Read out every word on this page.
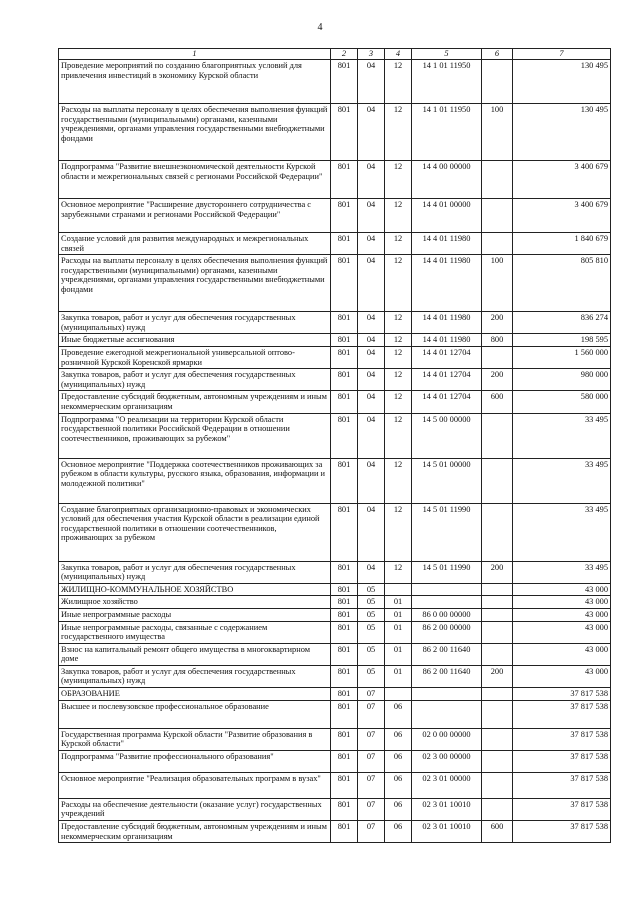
4
1	2	3	4	5	6	7
Проведение мероприятий по созданию благоприятных условий для привлечения инвестиций в экономику Курской области	801	04	12	14 1 01 11950		130 495
Расходы на выплаты персоналу в целях обеспечения выполнения функций государственными (муниципальными) органами, казенными учреждениями, органами управления государственными внебюджетными фондами	801	04	12	14 1 01 11950	100	130 495
Подпрограмма "Развитие внешнеэкономической деятельности Курской области и межрегиональных связей с регионами Российской Федерации"	801	04	12	14 4 00 00000		3 400 679
Основное мероприятие "Расширение двустороннего сотрудничества с зарубежными странами и регионами Российской Федерации"	801	04	12	14 4 01 00000		3 400 679
Создание условий для развития международных и межрегиональных связей	801	04	12	14 4 01 11980		1 840 679
Расходы на выплаты персоналу в целях обеспечения выполнения функций государственными (муниципальными) органами, казенными учреждениями, органами управления государственными внебюджетными фондами	801	04	12	14 4 01 11980	100	805 810
Закупка товаров, работ и услуг для обеспечения государственных (муниципальных) нужд	801	04	12	14 4 01 11980	200	836 274
Иные бюджетные ассигнования	801	04	12	14 4 01 11980	800	198 595
Проведение ежегодной межрегиональной универсальной оптово-розничной Курской Коренской ярмарки	801	04	12	14 4 01 12704		1 560 000
Закупка товаров, работ и услуг для обеспечения государственных (муниципальных) нужд	801	04	12	14 4 01 12704	200	980 000
Предоставление субсидий бюджетным, автономным учреждениям и иным некоммерческим организациям	801	04	12	14 4 01 12704	600	580 000
Подпрограмма "О реализации на территории Курской области государственной политики Российской Федерации в отношении соотечественников, проживающих за рубежом"	801	04	12	14 5 00 00000		33 495
Основное мероприятие "Поддержка соотечественников проживающих за рубежом в области культуры, русского языка, образования, информации и молодежной политики"	801	04	12	14 5 01 00000		33 495
Создание благоприятных организационно-правовых и экономических условий для обеспечения участия Курской области в реализации единой государственной политики в отношении соотечественников, проживающих за рубежом	801	04	12	14 5 01 11990		33 495
Закупка товаров, работ и услуг для обеспечения государственных (муниципальных) нужд	801	04	12	14 5 01 11990	200	33 495
ЖИЛИЩНО-КОММУНАЛЬНОЕ ХОЗЯЙСТВО	801	05				43 000
Жилищное хозяйство	801	05	01			43 000
Иные непрограммные расходы	801	05	01	86 0 00 00000		43 000
Иные непрограммные расходы, связанные с содержанием государственного имущества	801	05	01	86 2 00 00000		43 000
Взнос на капитальный ремонт общего имущества в многоквартирном доме	801	05	01	86 2 00 11640		43 000
Закупка товаров, работ и услуг для обеспечения государственных (муниципальных) нужд	801	05	01	86 2 00 11640	200	43 000
ОБРАЗОВАНИЕ	801	07				37 817 538
Высшее и послевузовское профессиональное образование	801	07	06			37 817 538
Государственная программа Курской области "Развитие образования в Курской области"	801	07	06	02 0 00 00000		37 817 538
Подпрограмма "Развитие профессионального образования"	801	07	06	02 3 00 00000		37 817 538
Основное мероприятие "Реализация образовательных программ в вузах"	801	07	06	02 3 01 00000		37 817 538
Расходы на обеспечение деятельности (оказание услуг) государственных учреждений	801	07	06	02 3 01 10010		37 817 538
Предоставление субсидий бюджетным, автономным учреждениям и иным некоммерческим организациям	801	07	06	02 3 01 10010	600	37 817 538
